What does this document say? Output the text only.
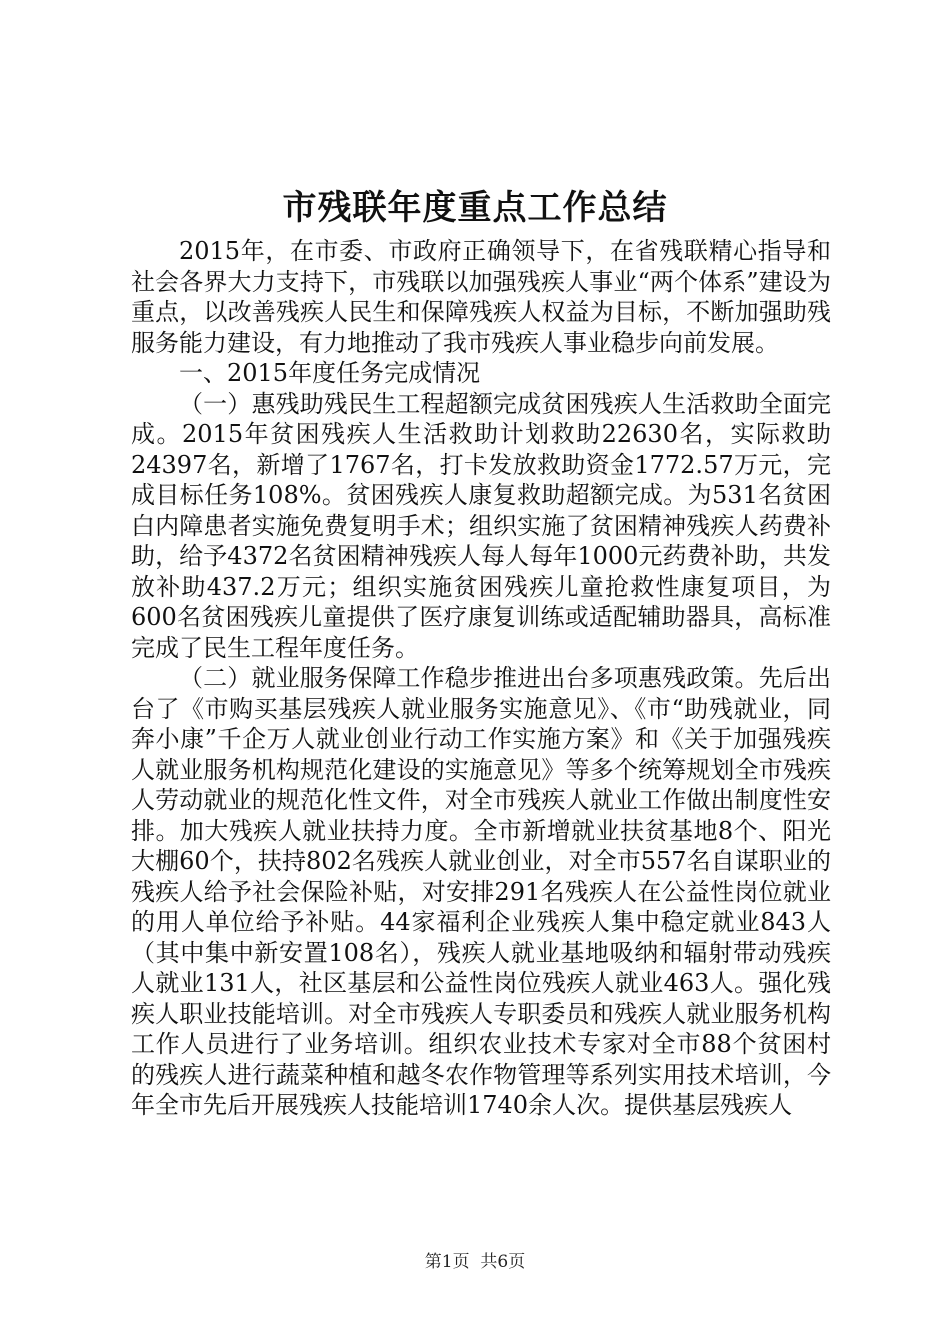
市残联年度重点工作总结

2015年，在市委、市政府正确领导下，在省残联精心指导和社会各界大力支持下，市残联以加强残疾人事业“两个体系”建设为重点，以改善残疾人民生和保障残疾人权益为目标，不断加强助残服务能力建设，有力地推动了我市残疾人事业稳步向前发展。

一、2015年度任务完成情况

（一）惠残助残民生工程超额完成贫困残疾人生活救助全面完成。2015年贫困残疾人生活救助计划救助22630名，实际救助24397名，新增了1767名，打卡发放救助资金1772.57万元，完成目标任务108%。贫困残疾人康复救助超额完成。为531名贫困白内障患者实施免费复明手术；组织实施了贫困精神残疾人药费补助，给予4372名贫困精神残疾人每人每年1000元药费补助，共发放补助437.2万元；组织实施贫困残疾儿童抢救性康复项目，为600名贫困残疾儿童提供了医疗康复训练或适配辅助器具，高标准完成了民生工程年度任务。

（二）就业服务保障工作稳步推进出台多项惠残政策。先后出台了《市购买基层残疾人就业服务实施意见》、《市“助残就业，同奔小康”千企万人就业创业行动工作实施方案》和《关于加强残疾人就业服务机构规范化建设的实施意见》等多个统筹规划全市残疾人劳动就业的规范化性文件，对全市残疾人就业工作做出制度性安排。加大残疾人就业扶持力度。全市新增就业扶贫基地8个、阳光大棚60个，扶持802名残疾人就业创业，对全市557名自谋职业的残疾人给予社会保险补贴，对安排291名残疾人在公益性岗位就业的用人单位给予补贴。44家福利企业残疾人集中稳定就业843人（其中集中新安置108名），残疾人就业基地吸纳和辐射带动残疾人就业131人，社区基层和公益性岗位残疾人就业463人。强化残疾人职业技能培训。对全市残疾人专职委员和残疾人就业服务机构工作人员进行了业务培训。组织农业技术专家对全市88个贫困村的残疾人进行蔬菜种植和越冬农作物管理等系列实用技术培训，今年全市先后开展残疾人技能培训1740余人次。提供基层残疾人

第1页 共6页
